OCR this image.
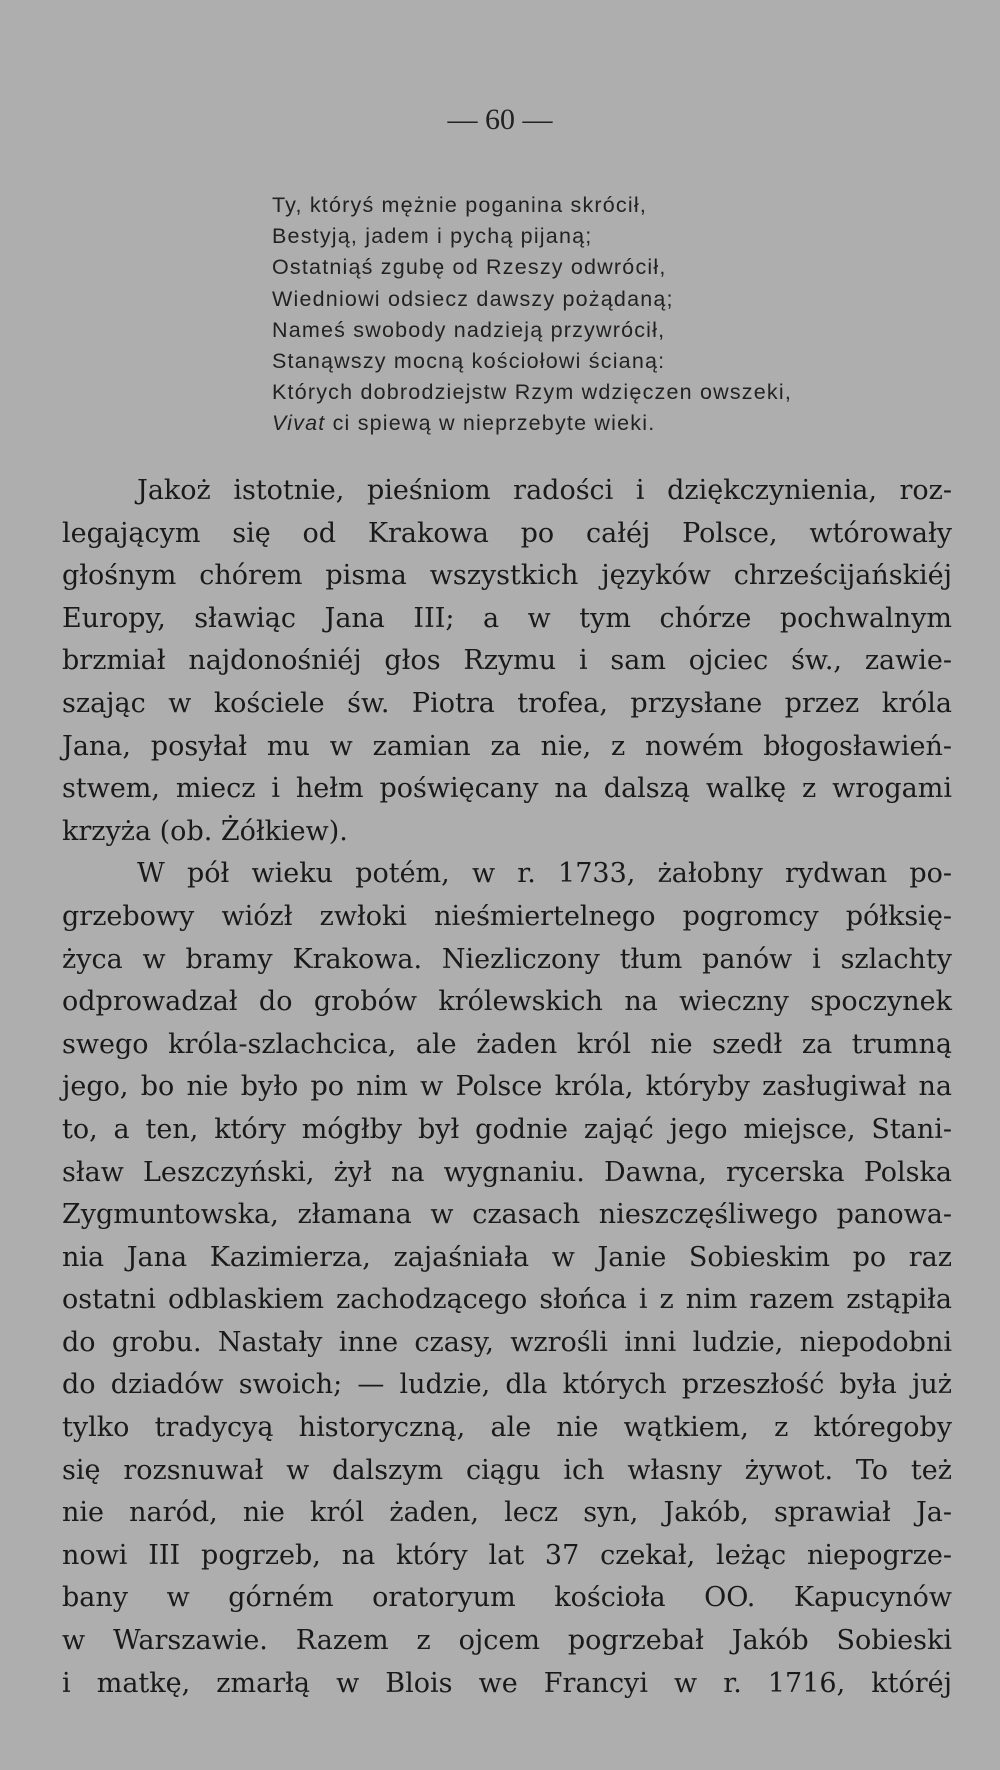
— 60 —
Ty, któryś mężnie poganina skrócił,
Bestyją, jadem i pychą pijaną;
Ostatniąś zgubę od Rzeszy odwrócił,
Wiedniowi odsiecz dawszy pożądaną;
Nameś swobody nadzieją przywrócił,
Stanąwszy mocną kościołowi ścianą:
Których dobrodziejstw Rzym wdzięczen owszeki,
Vivat ci spiewą w nieprzebyte wieki.
Jakoż istotnie, pieśniom radości i dziękczynienia, roz-
legającym się od Krakowa po całéj Polsce, wtórowały
głośnym chórem pisma wszystkich języków chrześcijańskiéj
Europy, sławiąc Jana III; a w tym chórze pochwalnym
brzmiał najdonośniéj głos Rzymu i sam ojciec św., zawie-
szając w kościele św. Piotra trofea, przysłane przez króla
Jana, posyłał mu w zamian za nie, z nowém błogosławień-
stwem, miecz i hełm poświęcany na dalszą walkę z wrogami
krzyża (ob. Żółkiew).
W pół wieku potém, w r. 1733, żałobny rydwan po-
grzebowy wiózł zwłoki nieśmiertelnego pogromcy półksię-
życa w bramy Krakowa. Niezliczony tłum panów i szlachty
odprowadzał do grobów królewskich na wieczny spoczynek
swego króla-szlachcica, ale żaden król nie szedł za trumną
jego, bo nie było po nim w Polsce króla, któryby zasługiwał na
to, a ten, który mógłby był godnie zająć jego miejsce, Stani-
sław Leszczyński, żył na wygnaniu. Dawna, rycerska Polska
Zygmuntowska, złamana w czasach nieszczęśliwego panowa-
nia Jana Kazimierza, zajaśniała w Janie Sobieskim po raz
ostatni odblaskiem zachodzącego słońca i z nim razem zstąpiła
do grobu. Nastały inne czasy, wzrośli inni ludzie, niepodobni
do dziadów swoich; — ludzie, dla których przeszłość była już
tylko tradycyą historyczną, ale nie wątkiem, z któregoby
się rozsnuwał w dalszym ciągu ich własny żywot. To też
nie naród, nie król żaden, lecz syn, Jakób, sprawiał Ja-
nowi III pogrzeb, na który lat 37 czekał, leżąc niepogrze-
bany w górném oratoryum kościoła OO. Kapucynów
w Warszawie. Razem z ojcem pogrzebał Jakób Sobieski
i matkę, zmarłą w Blois we Francyi w r. 1716, któréj
